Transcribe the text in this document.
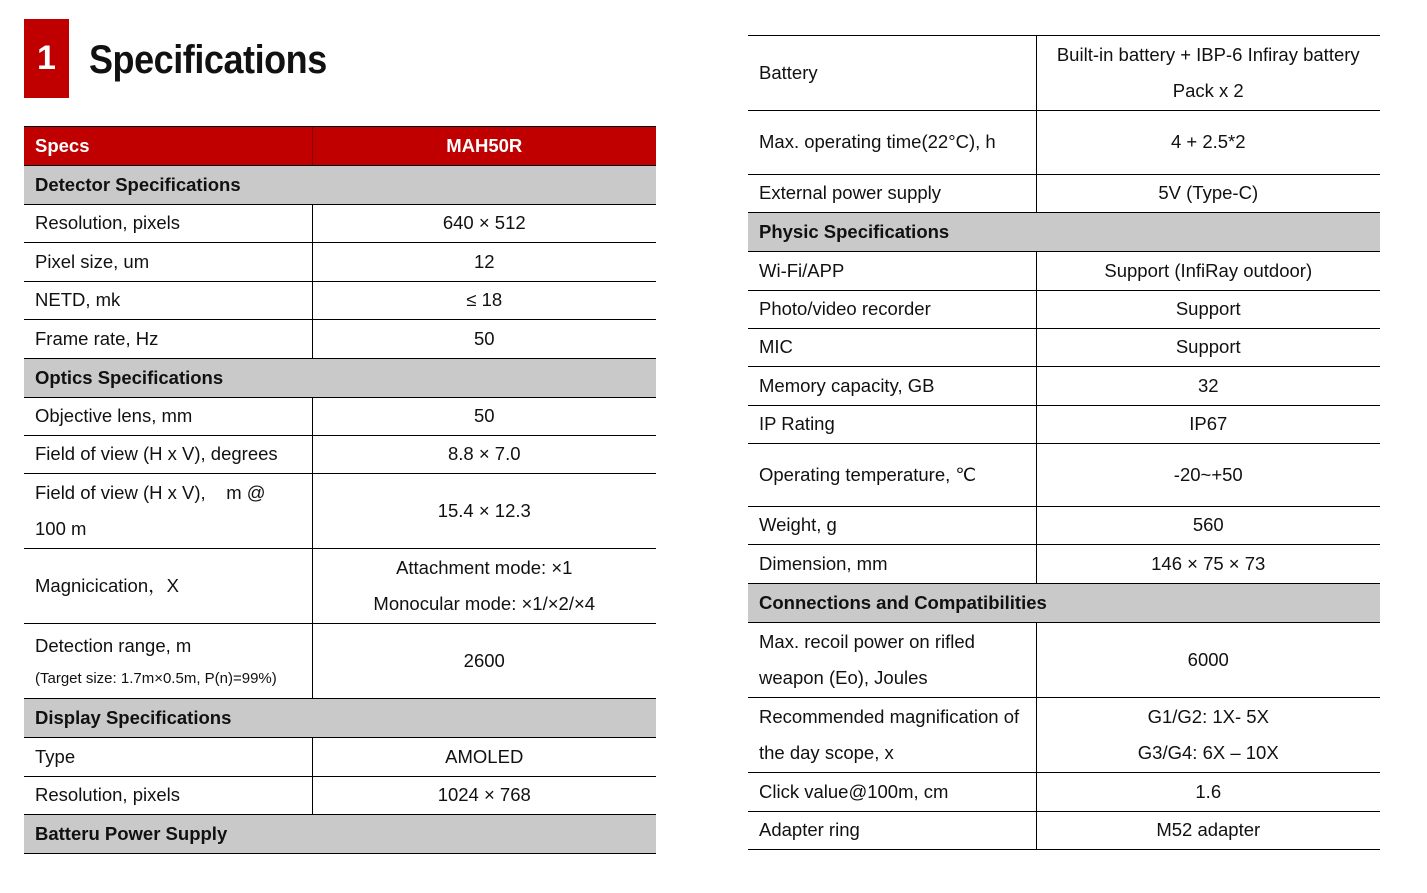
1 Specifications
Specs	MAH50R
Detector Specifications	
Resolution, pixels	640 × 512
Pixel size, um	12
NETD, mk	≤ 18
Frame rate, Hz	50
Optics Specifications	
Objective lens, mm	50
Field of view (H x V), degrees	8.8 × 7.0
Field of view (H x V),    m @ 100 m	15.4 × 12.3
Magnicication，X	Attachment mode: ×1
Monocular mode: ×1/×2/×4

Detection range, m
(Target size: 1.7m×0.5m, P(n)=99%)	2600
Display Specifications	
Type	AMOLED
Resolution, pixels	1024 × 768
Batteru Power Supply	
Battery	Built-in battery + IBP-6 Infiray battery Pack x 2
Max. operating time(22°C), h	4 + 2.5*2
External power supply	5V (Type-C)
Physic Specifications	
Wi-Fi/APP	Support (InfiRay outdoor)
Photo/video recorder	Support
MIC	Support
Memory capacity, GB	32
IP Rating	IP67
Operating temperature, ℃	-20~+50
Weight, g	560
Dimension, mm	146 × 75 × 73
Connections and Compatibilities	
Max. recoil power on rifled weapon (Eo), Joules	6000
Recommended magnification of the day scope, x	G1/G2: 1X- 5X
G3/G4: 6X – 10X

Click value@100m, cm	1.6
Adapter ring	M52 adapter
